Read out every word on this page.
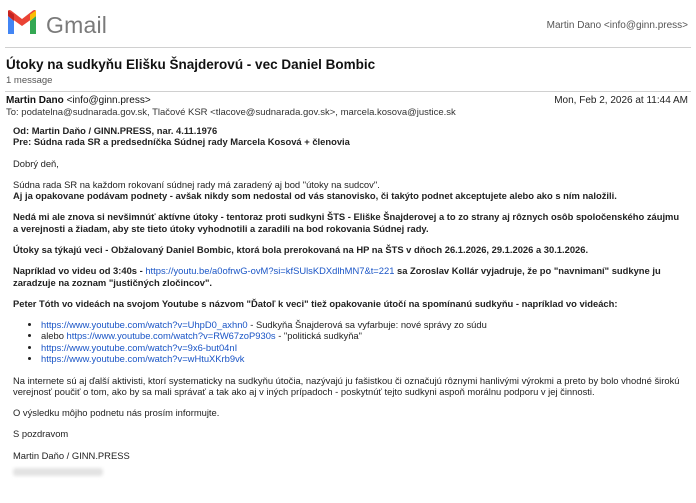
Gmail	Martin Dano <info@ginn.press>
Útoky na sudkyňu Elišku Šnajderovú - vec Daniel Bombic
1 message
Martin Dano <info@ginn.press>	Mon, Feb 2, 2026 at 11:44 AM
To: podatelna@sudnarada.gov.sk, Tlačové KSR <tlacove@sudnarada.gov.sk>, marcela.kosova@justice.sk

Od: Martin Daňo / GINN.PRESS, nar. 4.11.1976
Pre: Súdna rada SR a predsedníčka Súdnej rady Marcela Kosová + členovia

Dobrý deň,

Súdna rada SR na každom rokovaní súdnej rady má zaradený aj bod "útoky na sudcov".
Aj ja opakovane podávam podnety - avšak nikdy som nedostal od vás stanovisko, či takýto podnet akceptujete alebo ako s ním naložili.

Nedá mi ale znova si nevšimnúť aktívne útoky - tentoraz proti sudkyni ŠTS - Eliške Šnajderovej a to zo strany aj rôznych osôb spoločenského záujmu a verejnosti a žiadam, aby ste tieto útoky vyhodnotili a zaradili na bod rokovania Súdnej rady.

Útoky sa týkajú veci - Obžalovaný Daniel Bombic, ktorá bola prerokovaná na HP na ŠTS v dňoch 26.1.2026, 29.1.2026 a 30.1.2026.

Napríklad vo videu od 3:40s - https://youtu.be/a0ofrwG-ovM?si=kfSUlsKDXdlhMN7&t=221 sa Zoroslav Kollár vyjadruje, že po "navnimaní" sudkyne ju zaradzuje na zoznam "justičných zločincov".

Peter Tóth vo videách na svojom Youtube s názvom "Ďatoľ k veci" tiež opakovanie útočí na spomínanú sudkyňu - napríklad vo videách:

• https://www.youtube.com/watch?v=UhpD0_axhn0 - Sudkyňa Šnajderová sa vyfarbuje: nové správy zo súdu
• alebo https://www.youtube.com/watch?v=RW67zoP930s - "politická sudkyňa"
• https://www.youtube.com/watch?v=9x6-but04nI
• https://www.youtube.com/watch?v=wHtuXKrb9vk

Na internete sú aj ďalší aktivisti, ktorí systematicky na sudkyňu útočia, nazývajú ju fašistkou či označujú rôznymi hanlivými výrokmi a preto by bolo vhodné širokú verejnosť poučiť o tom, ako by sa mali správať a tak ako aj v iných prípadoch - poskytnúť tejto sudkyni aspoň morálnu podporu v jej činnosti.

O výsledku môjho podnetu nás prosím informujte.

S pozdravom

Martin Daňo / GINN.PRESS
